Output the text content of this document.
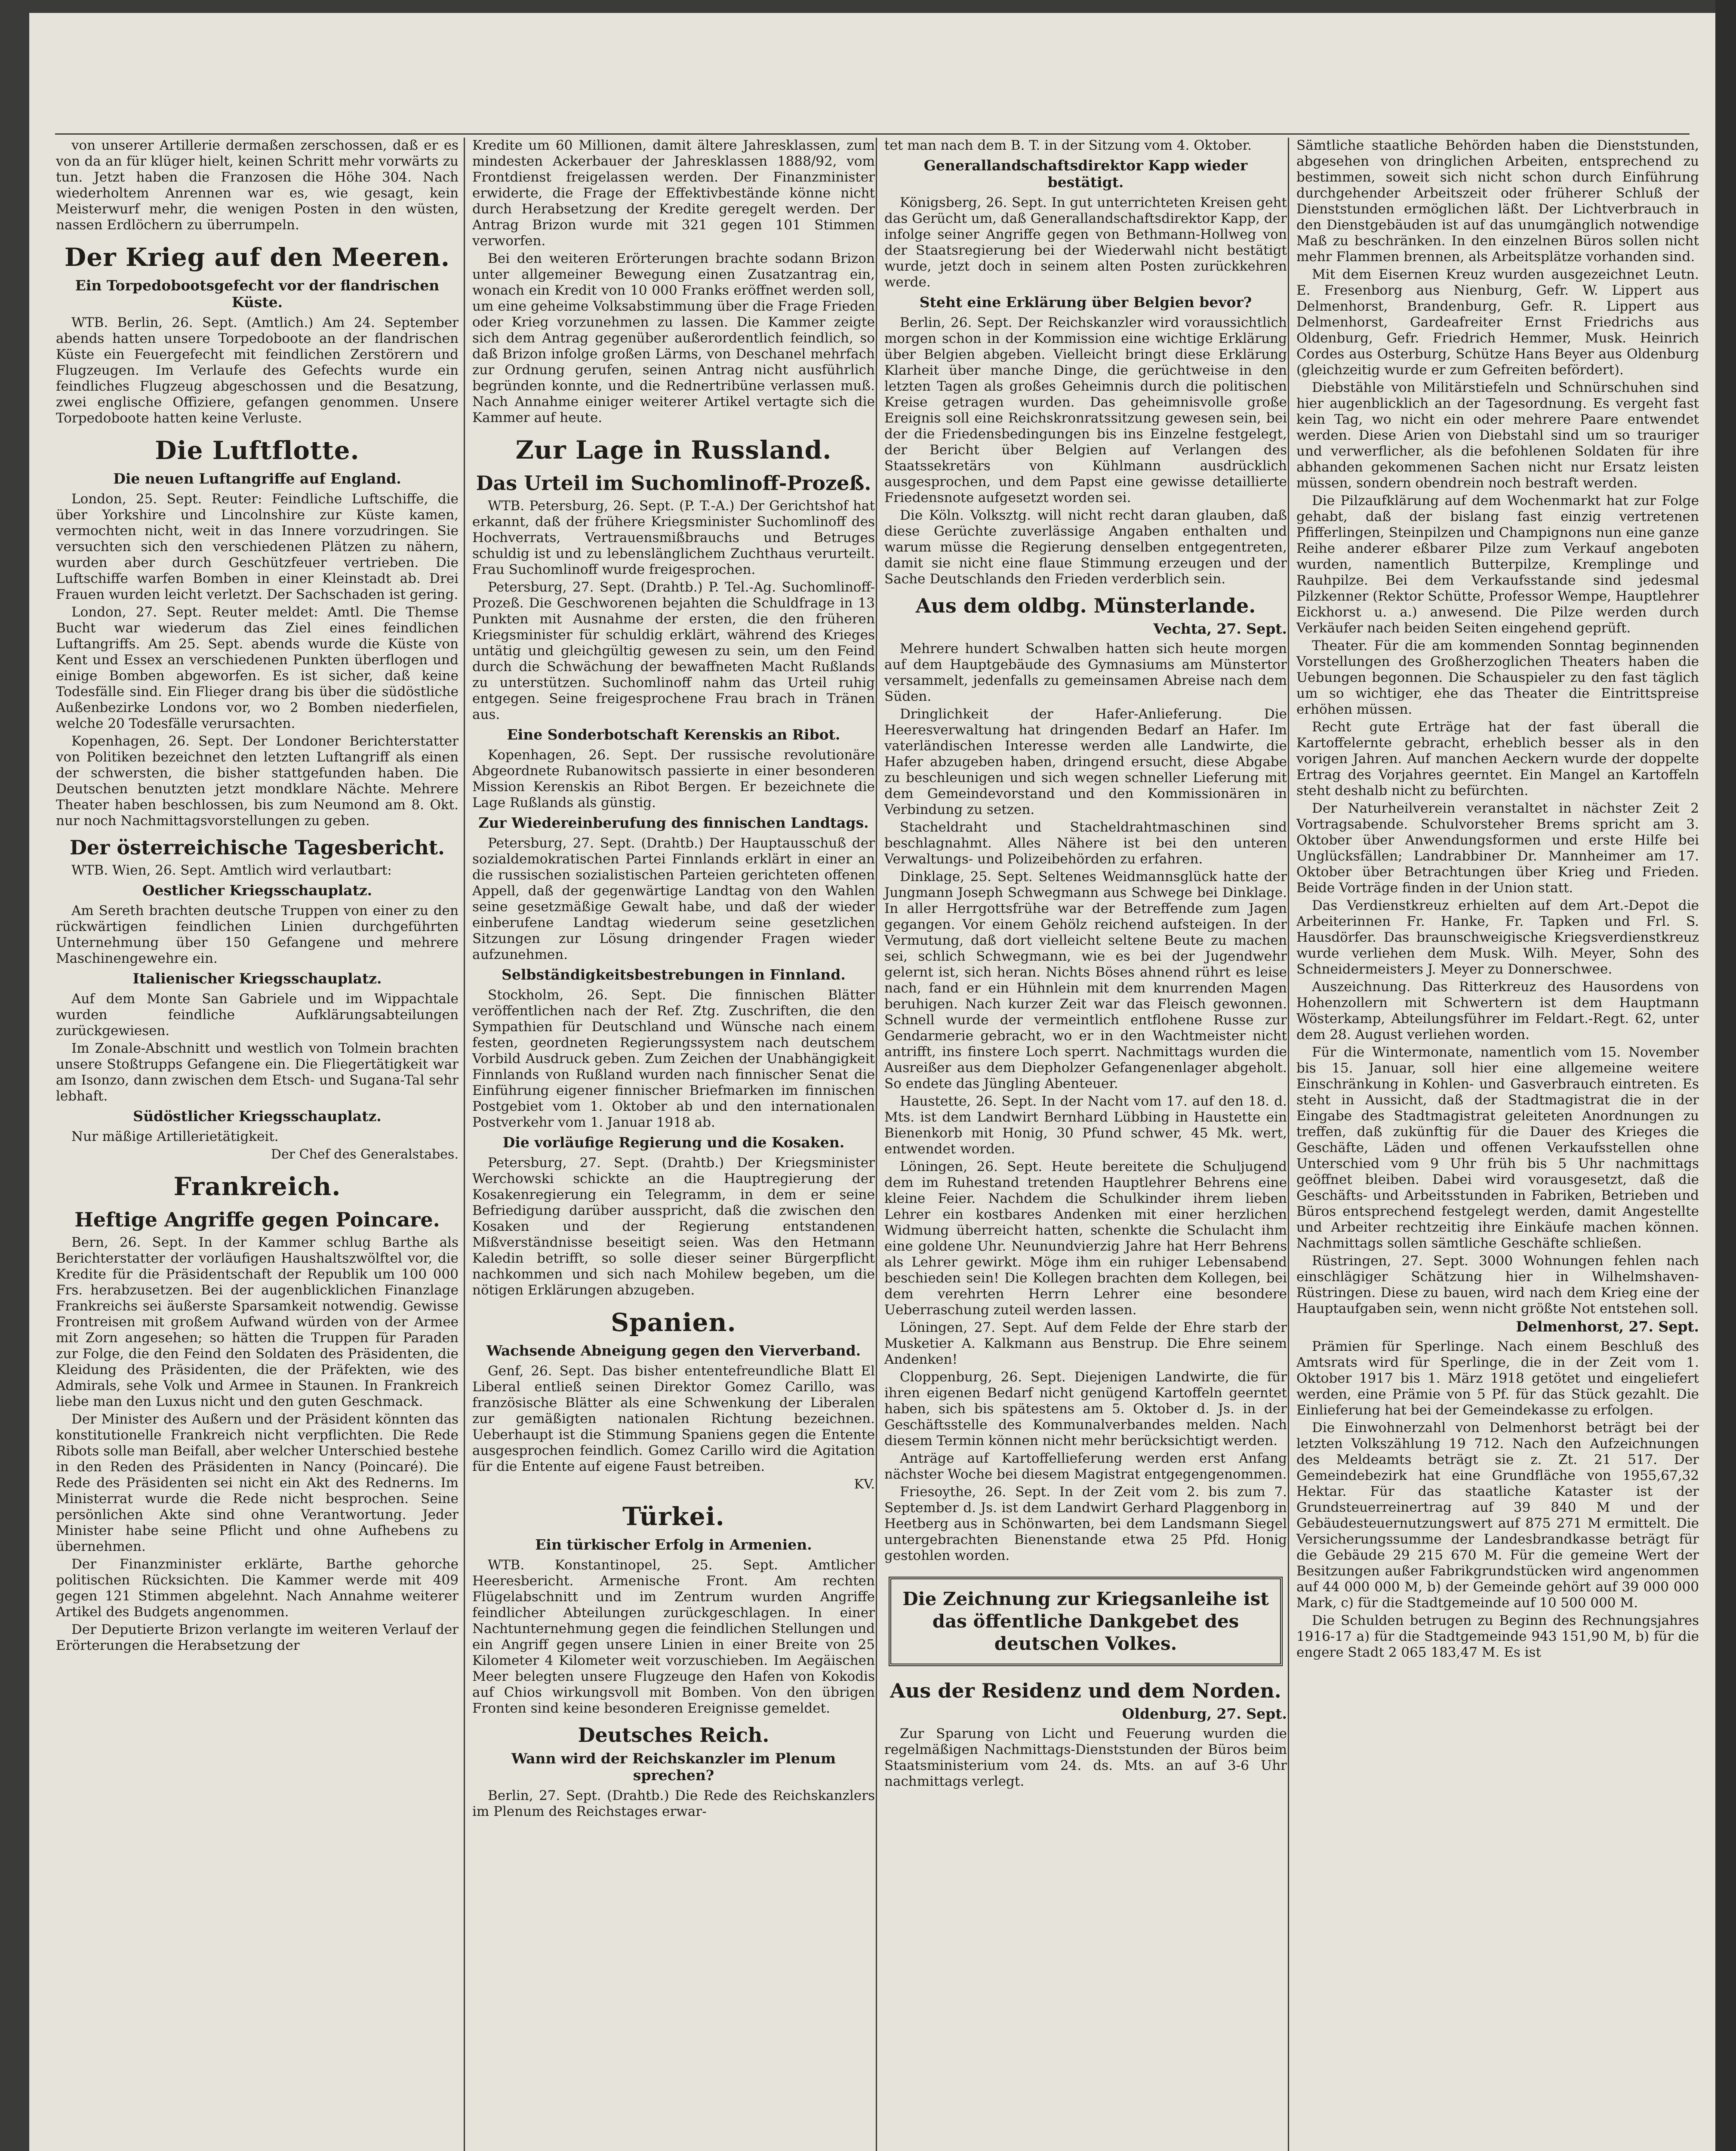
von unserer Artillerie dermaßen zerschossen, daß er es von da an für klüger hielt, keinen Schritt mehr vorwärts zu tun. Jetzt haben die Franzosen die Höhe 304. Nach wiederholtem Anrennen war es, wie gesagt, kein Meisterwurf mehr, die wenigen Posten in den wüsten, nassen Erdlöchern zu überrumpeln.

Der Krieg auf den Meeren.
Ein Torpedobootsgefecht vor der flandrischen Küste.

WTB. Berlin, 26. Sept. (Amtlich.) Am 24. September abends hatten unsere Torpedoboote an der flandrischen Küste ein Feuergefecht mit feindlichen Zerstörern und Flugzeugen. Im Verlaufe des Gefechts wurde ein feindliches Flugzeug abgeschossen und die Besatzung, zwei englische Offiziere, gefangen genommen. Unsere Torpedoboote hatten keine Verluste.

Die Luftflotte.
Die neuen Luftangriffe auf England.

London, 25. Sept. Reuter: Feindliche Luftschiffe, die über Yorkshire und Lincolnshire zur Küste kamen, vermochten nicht, weit in das Innere vorzudringen. Sie versuchten sich den verschiedenen Plätzen zu nähern, wurden aber durch Geschützfeuer vertrieben. Die Luftschiffe warfen Bomben in einer Kleinstadt ab. Drei Frauen wurden leicht verletzt. Der Sachschaden ist gering.

London, 27. Sept. Reuter meldet: Amtl. Die Themse Bucht war wiederum das Ziel eines feindlichen Luftangriffs. Am 25. Sept. abends wurde die Küste von Kent und Essex an verschiedenen Punkten überflogen und einige Bomben abgeworfen. Es ist sicher, daß keine Todesfälle sind. Ein Flieger drang bis über die südöstliche Außenbezirke Londons vor, wo 2 Bomben niederfielen, welche 20 Todesfälle verursachten.

Kopenhagen, 26. Sept. Der Londoner Berichterstatter von Politiken bezeichnet den letzten Luftangriff als einen der schwersten, die bisher stattgefunden haben. Die Deutschen benutzten jetzt mondklare Nächte. Mehrere Theater haben beschlossen, bis zum Neumond am 8. Okt. nur noch Nachmittagsvorstellungen zu geben.

Der österreichische Tagesbericht.

WTB. Wien, 26. Sept. Amtlich wird verlautbart:

Oestlicher Kriegsschauplatz.

Am Sereth brachten deutsche Truppen von einer zu den rückwärtigen feindlichen Linien durchgeführten Unternehmung über 150 Gefangene und mehrere Maschinengewehre ein.

Italienischer Kriegsschauplatz.

Auf dem Monte San Gabriele und im Wippachtale wurden feindliche Aufklärungsabteilungen zurückgewiesen.

Im Zonale-Abschnitt und westlich von Tolmein brachten unsere Stoßtrupps Gefangene ein. Die Fliegertätigkeit war am Isonzo, dann zwischen dem Etsch- und Sugana-Tal sehr lebhaft.

Südöstlicher Kriegsschauplatz.

Nur mäßige Artillerietätigkeit.

Der Chef des Generalstabes.
Frankreich.
Heftige Angriffe gegen Poincare.

Bern, 26. Sept. In der Kammer schlug Barthe als Berichterstatter der vorläufigen Haushaltszwölftel vor, die Kredite für die Präsidentschaft der Republik um 100 000 Frs. herabzusetzen. Bei der augenblicklichen Finanzlage Frankreichs sei äußerste Sparsamkeit notwendig. Gewisse Frontreisen mit großem Aufwand würden von der Armee mit Zorn angesehen; so hätten die Truppen für Paraden zur Folge, die den Feind den Soldaten des Präsidenten, die Kleidung des Präsidenten, die der Präfekten, wie des Admirals, sehe Volk und Armee in Staunen. In Frankreich liebe man den Luxus nicht und den guten Geschmack.

Der Minister des Außern und der Präsident könnten das konstitutionelle Frankreich nicht verpflichten. Die Rede Ribots solle man Beifall, aber welcher Unterschied bestehe in den Reden des Präsidenten in Nancy (Poincaré). Die Rede des Präsidenten sei nicht ein Akt des Rednerns. Im Ministerrat wurde die Rede nicht besprochen. Seine persönlichen Akte sind ohne Verantwortung. Jeder Minister habe seine Pflicht und ohne Aufhebens zu übernehmen.

Der Finanzminister erklärte, Barthe gehorche politischen Rücksichten. Die Kammer werde mit 409 gegen 121 Stimmen abgelehnt. Nach Annahme weiterer Artikel des Budgets angenommen.

Der Deputierte Brizon verlangte im weiteren Verlauf der Erörterungen die Herabsetzung der

Kredite um 60 Millionen, damit ältere Jahresklassen, zum mindesten Ackerbauer der Jahresklassen 1888/92, vom Frontdienst freigelassen werden. Der Finanzminister erwiderte, die Frage der Effektivbestände könne nicht durch Herabsetzung der Kredite geregelt werden. Der Antrag Brizon wurde mit 321 gegen 101 Stimmen verworfen.

Bei den weiteren Erörterungen brachte sodann Brizon unter allgemeiner Bewegung einen Zusatzantrag ein, wonach ein Kredit von 10 000 Franks eröffnet werden soll, um eine geheime Volksabstimmung über die Frage Frieden oder Krieg vorzunehmen zu lassen. Die Kammer zeigte sich dem Antrag gegenüber außerordentlich feindlich, so daß Brizon infolge großen Lärms, von Deschanel mehrfach zur Ordnung gerufen, seinen Antrag nicht ausführlich begründen konnte, und die Rednertribüne verlassen muß. Nach Annahme einiger weiterer Artikel vertagte sich die Kammer auf heute.

Zur Lage in Russland.
Das Urteil im Suchomlinoff-Prozeß.

WTB. Petersburg, 26. Sept. (P. T.-A.) Der Gerichtshof hat erkannt, daß der frühere Kriegsminister Suchomlinoff des Hochverrats, Vertrauensmißbrauchs und Betruges schuldig ist und zu lebenslänglichem Zuchthaus verurteilt. Frau Suchomlinoff wurde freigesprochen.

Petersburg, 27. Sept. (Drahtb.) P. Tel.-Ag. Suchomlinoff-Prozeß. Die Geschworenen bejahten die Schuldfrage in 13 Punkten mit Ausnahme der ersten, die den früheren Kriegsminister für schuldig erklärt, während des Krieges untätig und gleichgültig gewesen zu sein, um den Feind durch die Schwächung der bewaffneten Macht Rußlands zu unterstützen. Suchomlinoff nahm das Urteil ruhig entgegen. Seine freigesprochene Frau brach in Tränen aus.

Eine Sonderbotschaft Kerenskis an Ribot.

Kopenhagen, 26. Sept. Der russische revolutionäre Abgeordnete Rubanowitsch passierte in einer besonderen Mission Kerenskis an Ribot Bergen. Er bezeichnete die Lage Rußlands als günstig.

Zur Wiedereinberufung des finnischen Landtags.

Petersburg, 27. Sept. (Drahtb.) Der Hauptausschuß der sozialdemokratischen Partei Finnlands erklärt in einer an die russischen sozialistischen Parteien gerichteten offenen Appell, daß der gegenwärtige Landtag von den Wahlen seine gesetzmäßige Gewalt habe, und daß der wieder einberufene Landtag wiederum seine gesetzlichen Sitzungen zur Lösung dringender Fragen wieder aufzunehmen.

Selbständigkeitsbestrebungen in Finnland.

Stockholm, 26. Sept. Die finnischen Blätter veröffentlichen nach der Ref. Ztg. Zuschriften, die den Sympathien für Deutschland und Wünsche nach einem festen, geordneten Regierungssystem nach deutschem Vorbild Ausdruck geben. Zum Zeichen der Unabhängigkeit Finnlands von Rußland wurden nach finnischer Senat die Einführung eigener finnischer Briefmarken im finnischen Postgebiet vom 1. Oktober ab und den internationalen Postverkehr vom 1. Januar 1918 ab.

Die vorläufige Regierung und die Kosaken.

Petersburg, 27. Sept. (Drahtb.) Der Kriegsminister Werchowski schickte an die Hauptregierung der Kosakenregierung ein Telegramm, in dem er seine Befriedigung darüber ausspricht, daß die zwischen den Kosaken und der Regierung entstandenen Mißverständnisse beseitigt seien. Was den Hetmann Kaledin betrifft, so solle dieser seiner Bürgerpflicht nachkommen und sich nach Mohilew begeben, um die nötigen Erklärungen abzugeben.

Spanien.
Wachsende Abneigung gegen den Vierverband.

Genf, 26. Sept. Das bisher ententefreundliche Blatt El Liberal entließ seinen Direktor Gomez Carillo, was französische Blätter als eine Schwenkung der Liberalen zur gemäßigten nationalen Richtung bezeichnen. Ueberhaupt ist die Stimmung Spaniens gegen die Entente ausgesprochen feindlich. Gomez Carillo wird die Agitation für die Entente auf eigene Faust betreiben.

KV.
Türkei.
Ein türkischer Erfolg in Armenien.

WTB. Konstantinopel, 25. Sept. Amtlicher Heeresbericht. Armenische Front. Am rechten Flügelabschnitt und im Zentrum wurden Angriffe feindlicher Abteilungen zurückgeschlagen. In einer Nachtunternehmung gegen die feindlichen Stellungen und ein Angriff gegen unsere Linien in einer Breite von 25 Kilometer 4 Kilometer weit vorzuschieben. Im Aegäischen Meer belegten unsere Flugzeuge den Hafen von Kokodis auf Chios wirkungsvoll mit Bomben. Von den übrigen Fronten sind keine besonderen Ereignisse gemeldet.

Deutsches Reich.
Wann wird der Reichskanzler im Plenum sprechen?

Berlin, 27. Sept. (Drahtb.) Die Rede des Reichskanzlers im Plenum des Reichstages erwar-

tet man nach dem B. T. in der Sitzung vom 4. Oktober.

Generallandschaftsdirektor Kapp wieder bestätigt.

Königsberg, 26. Sept. In gut unterrichteten Kreisen geht das Gerücht um, daß Generallandschaftsdirektor Kapp, der infolge seiner Angriffe gegen von Bethmann-Hollweg von der Staatsregierung bei der Wiederwahl nicht bestätigt wurde, jetzt doch in seinem alten Posten zurückkehren werde.

Steht eine Erklärung über Belgien bevor?

Berlin, 26. Sept. Der Reichskanzler wird voraussichtlich morgen schon in der Kommission eine wichtige Erklärung über Belgien abgeben. Vielleicht bringt diese Erklärung Klarheit über manche Dinge, die gerüchtweise in den letzten Tagen als großes Geheimnis durch die politischen Kreise getragen wurden. Das geheimnisvolle große Ereignis soll eine Reichskronratssitzung gewesen sein, bei der die Friedensbedingungen bis ins Einzelne festgelegt, der Bericht über Belgien auf Verlangen des Staatssekretärs von Kühlmann ausdrücklich ausgesprochen, und dem Papst eine gewisse detaillierte Friedensnote aufgesetzt worden sei.

Die Köln. Volksztg. will nicht recht daran glauben, daß diese Gerüchte zuverlässige Angaben enthalten und warum müsse die Regierung denselben entgegentreten, damit sie nicht eine flaue Stimmung erzeugen und der Sache Deutschlands den Frieden verderblich sein.

Aus dem oldbg. Münsterlande.
Vechta, 27. Sept.

Mehrere hundert Schwalben hatten sich heute morgen auf dem Hauptgebäude des Gymnasiums am Münstertor versammelt, jedenfalls zu gemeinsamen Abreise nach dem Süden.

Dringlichkeit der Hafer-Anlieferung. Die Heeresverwaltung hat dringenden Bedarf an Hafer. Im vaterländischen Interesse werden alle Landwirte, die Hafer abzugeben haben, dringend ersucht, diese Abgabe zu beschleunigen und sich wegen schneller Lieferung mit dem Gemeindevorstand und den Kommissionären in Verbindung zu setzen.

Stacheldraht und Stacheldrahtmaschinen sind beschlagnahmt. Alles Nähere ist bei den unteren Verwaltungs- und Polizeibehörden zu erfahren.

Dinklage, 25. Sept. Seltenes Weidmannsglück hatte der Jungmann Joseph Schwegmann aus Schwege bei Dinklage. In aller Herrgottsfrühe war der Betreffende zum Jagen gegangen. Vor einem Gehölz reichend aufsteigen. In der Vermutung, daß dort vielleicht seltene Beute zu machen sei, schlich Schwegmann, wie es bei der Jugendwehr gelernt ist, sich heran. Nichts Böses ahnend rührt es leise nach, fand er ein Hühnlein mit dem knurrenden Magen beruhigen. Nach kurzer Zeit war das Fleisch gewonnen. Schnell wurde der vermeintlich entflohene Russe zur Gendarmerie gebracht, wo er in den Wachtmeister nicht antrifft, ins finstere Loch sperrt. Nachmittags wurden die Ausreißer aus dem Diepholzer Gefangenenlager abgeholt. So endete das Jüngling Abenteuer.

Haustette, 26. Sept. In der Nacht vom 17. auf den 18. d. Mts. ist dem Landwirt Bernhard Lübbing in Haustette ein Bienenkorb mit Honig, 30 Pfund schwer, 45 Mk. wert, entwendet worden.

Löningen, 26. Sept. Heute bereitete die Schuljugend dem im Ruhestand tretenden Hauptlehrer Behrens eine kleine Feier. Nachdem die Schulkinder ihrem lieben Lehrer ein kostbares Andenken mit einer herzlichen Widmung überreicht hatten, schenkte die Schulacht ihm eine goldene Uhr. Neunundvierzig Jahre hat Herr Behrens als Lehrer gewirkt. Möge ihm ein ruhiger Lebensabend beschieden sein! Die Kollegen brachten dem Kollegen, bei dem verehrten Herrn Lehrer eine besondere Ueberraschung zuteil werden lassen.

Löningen, 27. Sept. Auf dem Felde der Ehre starb der Musketier A. Kalkmann aus Benstrup. Die Ehre seinem Andenken!

Cloppenburg, 26. Sept. Diejenigen Landwirte, die für ihren eigenen Bedarf nicht genügend Kartoffeln geerntet haben, sich bis spätestens am 5. Oktober d. Js. in der Geschäftsstelle des Kommunalverbandes melden. Nach diesem Termin können nicht mehr berücksichtigt werden.

Anträge auf Kartoffellieferung werden erst Anfang nächster Woche bei diesem Magistrat entgegengenommen.

Friesoythe, 26. Sept. In der Zeit vom 2. bis zum 7. September d. Js. ist dem Landwirt Gerhard Plaggenborg in Heetberg aus in Schönwarten, bei dem Landsmann Siegel untergebrachten Bienenstande etwa 25 Pfd. Honig gestohlen worden.

Die Zeichnung zur Kriegsanleihe ist das öffentliche Dankgebet des deutschen Volkes.
Aus der Residenz und dem Norden.
Oldenburg, 27. Sept.

Zur Sparung von Licht und Feuerung wurden die regelmäßigen Nachmittags-Dienststunden der Büros beim Staatsministerium vom 24. ds. Mts. an auf 3-6 Uhr nachmittags verlegt.

Sämtliche staatliche Behörden haben die Dienststunden, abgesehen von dringlichen Arbeiten, entsprechend zu bestimmen, soweit sich nicht schon durch Einführung durchgehender Arbeitszeit oder früherer Schluß der Dienststunden ermöglichen läßt. Der Lichtverbrauch in den Dienstgebäuden ist auf das unumgänglich notwendige Maß zu beschränken. In den einzelnen Büros sollen nicht mehr Flammen brennen, als Arbeitsplätze vorhanden sind.

Mit dem Eisernen Kreuz wurden ausgezeichnet Leutn. E. Fresenborg aus Nienburg, Gefr. W. Lippert aus Delmenhorst, Brandenburg, Gefr. R. Lippert aus Delmenhorst, Gardeafreiter Ernst Friedrichs aus Oldenburg, Gefr. Friedrich Hemmer, Musk. Heinrich Cordes aus Osterburg, Schütze Hans Beyer aus Oldenburg (gleichzeitig wurde er zum Gefreiten befördert).

Diebstähle von Militärstiefeln und Schnürschuhen sind hier augenblicklich an der Tagesordnung. Es vergeht fast kein Tag, wo nicht ein oder mehrere Paare entwendet werden. Diese Arien von Diebstahl sind um so trauriger und verwerflicher, als die befohlenen Soldaten für ihre abhanden gekommenen Sachen nicht nur Ersatz leisten müssen, sondern obendrein noch bestraft werden.

Die Pilzaufklärung auf dem Wochenmarkt hat zur Folge gehabt, daß der bislang fast einzig vertretenen Pfifferlingen, Steinpilzen und Champignons nun eine ganze Reihe anderer eßbarer Pilze zum Verkauf angeboten wurden, namentlich Butterpilze, Kremplinge und Rauhpilze. Bei dem Verkaufsstande sind jedesmal Pilzkenner (Rektor Schütte, Professor Wempe, Hauptlehrer Eickhorst u. a.) anwesend. Die Pilze werden durch Verkäufer nach beiden Seiten eingehend geprüft.

Theater. Für die am kommenden Sonntag beginnenden Vorstellungen des Großherzoglichen Theaters haben die Uebungen begonnen. Die Schauspieler zu den fast täglich um so wichtiger, ehe das Theater die Eintrittspreise erhöhen müssen.

Recht gute Erträge hat der fast überall die Kartoffelernte gebracht, erheblich besser als in den vorigen Jahren. Auf manchen Aeckern wurde der doppelte Ertrag des Vorjahres geerntet. Ein Mangel an Kartoffeln steht deshalb nicht zu befürchten.

Der Naturheilverein veranstaltet in nächster Zeit 2 Vortragsabende. Schulvorsteher Brems spricht am 3. Oktober über Anwendungsformen und erste Hilfe bei Unglücksfällen; Landrabbiner Dr. Mannheimer am 17. Oktober über Betrachtungen über Krieg und Frieden. Beide Vorträge finden in der Union statt.

Das Verdienstkreuz erhielten auf dem Art.-Depot die Arbeiterinnen Fr. Hanke, Fr. Tapken und Frl. S. Hausdörfer. Das braunschweigische Kriegsverdienstkreuz wurde verliehen dem Musk. Wilh. Meyer, Sohn des Schneidermeisters J. Meyer zu Donnerschwee.

Auszeichnung. Das Ritterkreuz des Hausordens von Hohenzollern mit Schwertern ist dem Hauptmann Wösterkamp, Abteilungsführer im Feldart.-Regt. 62, unter dem 28. August verliehen worden.

Für die Wintermonate, namentlich vom 15. November bis 15. Januar, soll hier eine allgemeine weitere Einschränkung in Kohlen- und Gasverbrauch eintreten. Es steht in Aussicht, daß der Stadtmagistrat die in der Eingabe des Stadtmagistrat geleiteten Anordnungen zu treffen, daß zukünftig für die Dauer des Krieges die Geschäfte, Läden und offenen Verkaufsstellen ohne Unterschied vom 9 Uhr früh bis 5 Uhr nachmittags geöffnet bleiben. Dabei wird vorausgesetzt, daß die Geschäfts- und Arbeitsstunden in Fabriken, Betrieben und Büros entsprechend festgelegt werden, damit Angestellte und Arbeiter rechtzeitig ihre Einkäufe machen können. Nachmittags sollen sämtliche Geschäfte schließen.

Rüstringen, 27. Sept. 3000 Wohnungen fehlen nach einschlägiger Schätzung hier in Wilhelmshaven-Rüstringen. Diese zu bauen, wird nach dem Krieg eine der Hauptaufgaben sein, wenn nicht größte Not entstehen soll.

Delmenhorst, 27. Sept.

Prämien für Sperlinge. Nach einem Beschluß des Amtsrats wird für Sperlinge, die in der Zeit vom 1. Oktober 1917 bis 1. März 1918 getötet und eingeliefert werden, eine Prämie von 5 Pf. für das Stück gezahlt. Die Einlieferung hat bei der Gemeindekasse zu erfolgen.

Die Einwohnerzahl von Delmenhorst beträgt bei der letzten Volkszählung 19 712. Nach den Aufzeichnungen des Meldeamts beträgt sie z. Zt. 21 517. Der Gemeindebezirk hat eine Grundfläche von 1955,67,32 Hektar. Für das staatliche Kataster ist der Grundsteuerreinertrag auf 39 840 M und der Gebäudesteuernutzungswert auf 875 271 M ermittelt. Die Versicherungssumme der Landesbrandkasse beträgt für die Gebäude 29 215 670 M. Für die gemeine Wert der Besitzungen außer Fabrikgrundstücken wird angenommen auf 44 000 000 M, b) der Gemeinde gehört auf 39 000 000 Mark, c) für die Stadtgemeinde auf 10 500 000 M.

Die Schulden betrugen zu Beginn des Rechnungsjahres 1916-17 a) für die Stadtgemeinde 943 151,90 M, b) für die engere Stadt 2 065 183,47 M. Es ist
